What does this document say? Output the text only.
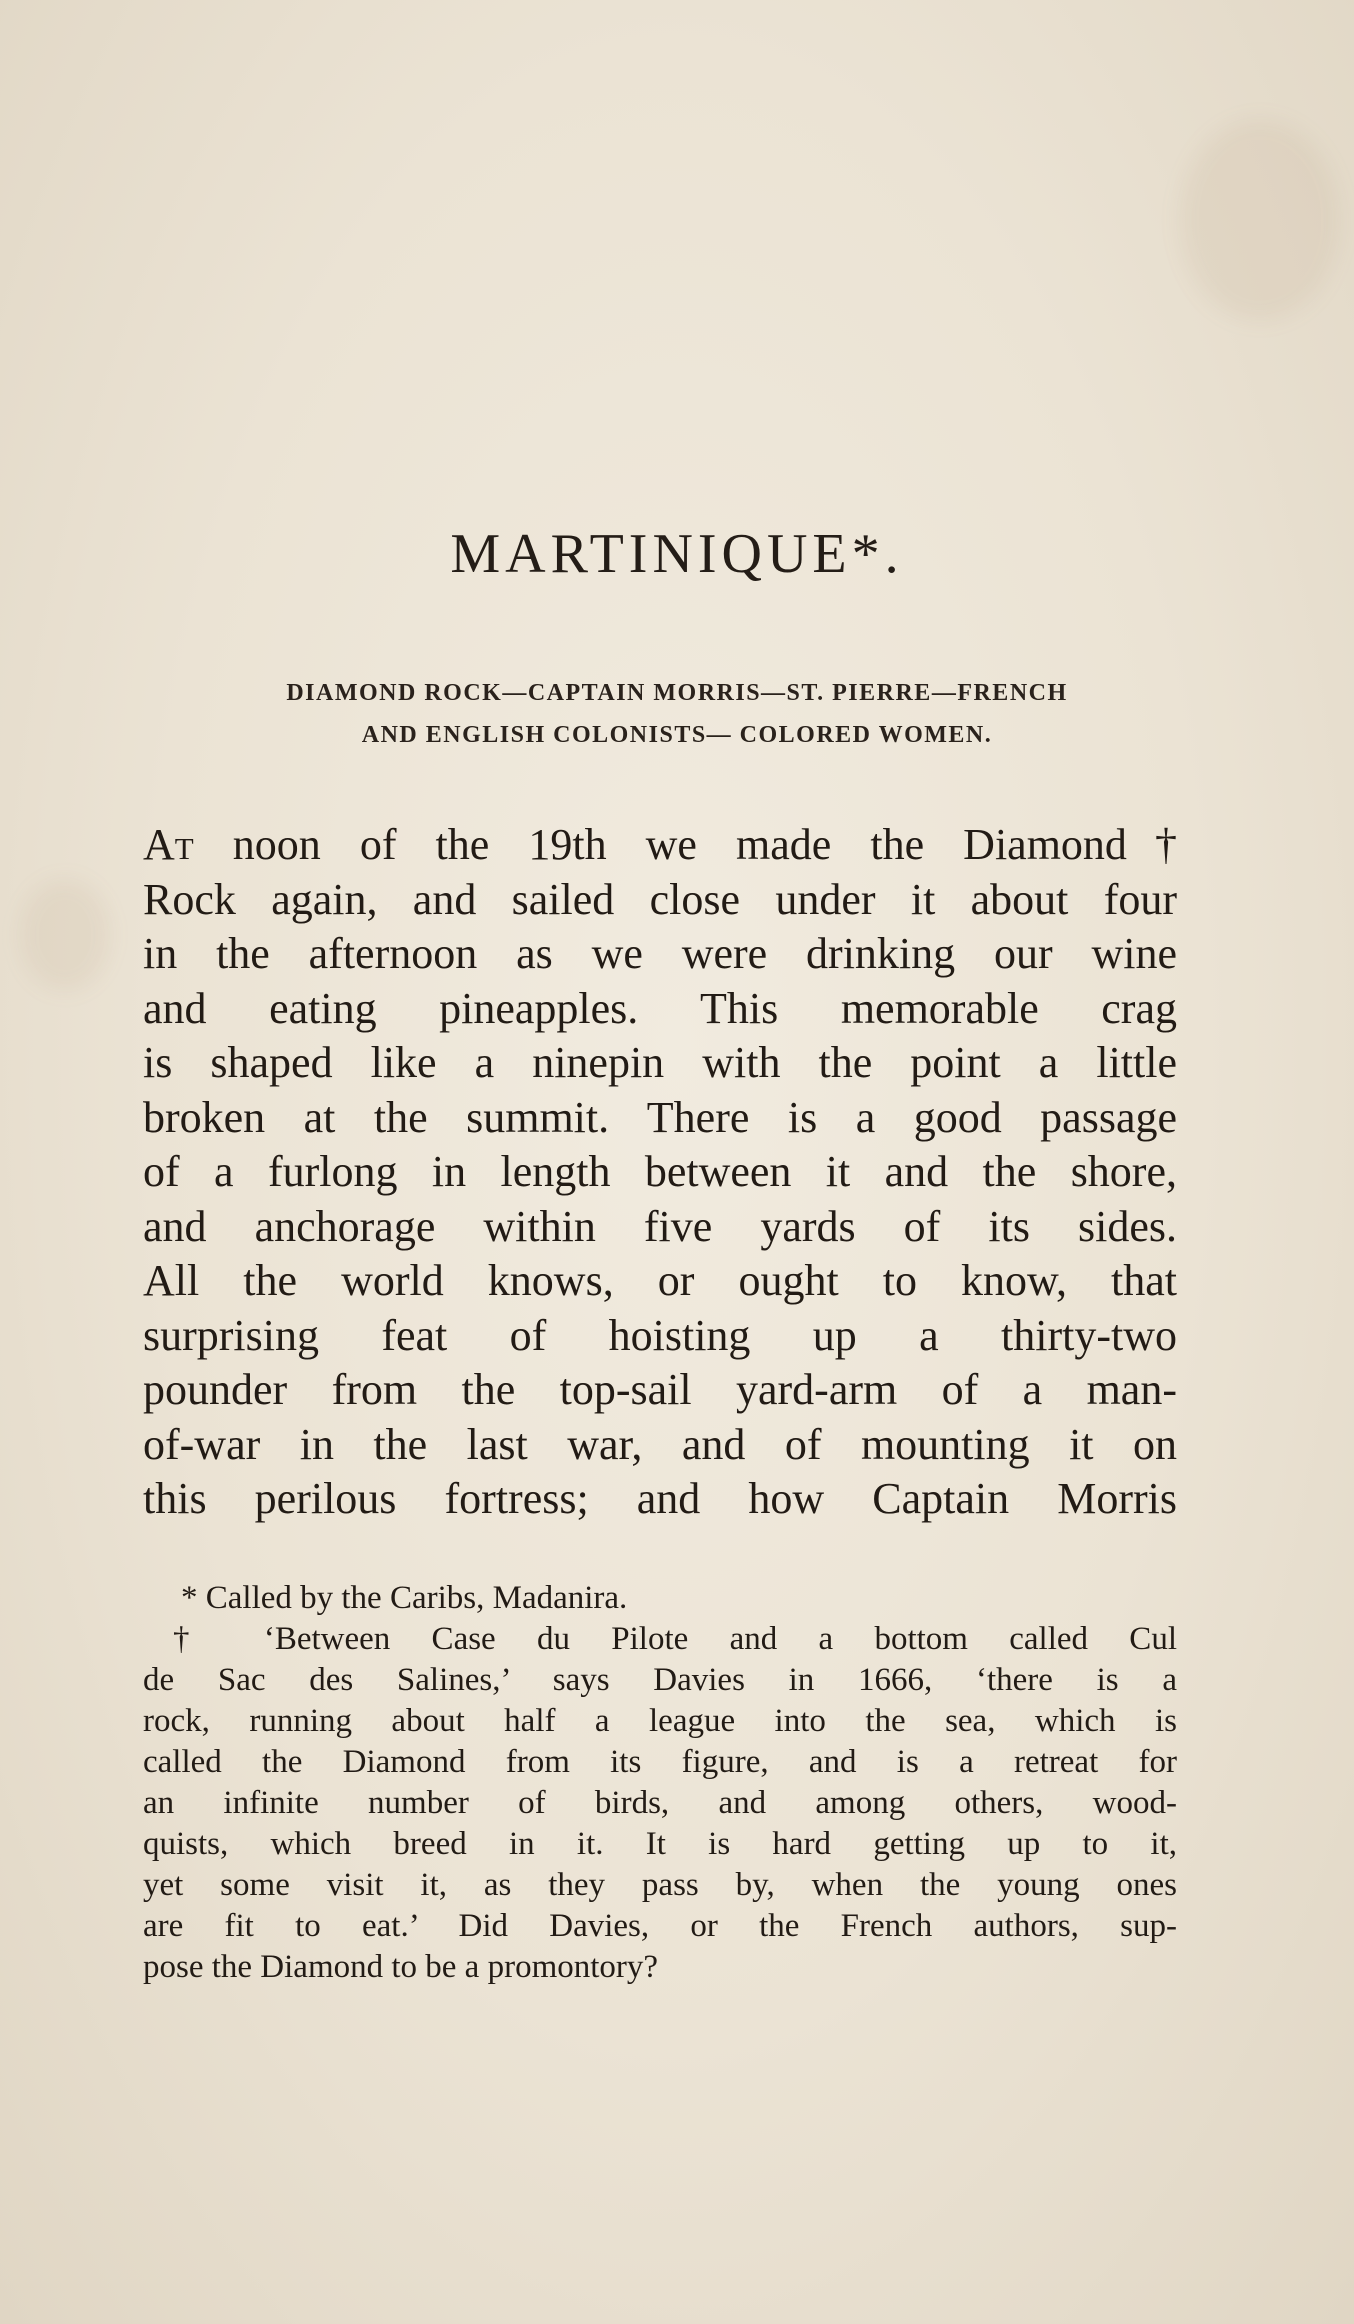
MARTINIQUE*.
DIAMOND ROCK—CAPTAIN MORRIS—ST. PIERRE—FRENCH
AND ENGLISH COLONISTS— COLORED WOMEN.
At noon of the 19th we made the Diamond†
Rock again, and sailed close under it about four
in the afternoon as we were drinking our wine
and eating pineapples. This memorable crag
is shaped like a ninepin with the point a little
broken at the summit. There is a good passage
of a furlong in length between it and the shore,
and anchorage within five yards of its sides.
All the world knows, or ought to know, that
surprising feat of hoisting up a thirty-two
pounder from the top-sail yard-arm of a man-
of-war in the last war, and of mounting it on
this perilous fortress; and how Captain Morris
* Called by the Caribs, Madanira.
† ‘Between Case du Pilote and a bottom called Cul
de Sac des Salines,’ says Davies in 1666, ‘there is a
rock, running about half a league into the sea, which is
called the Diamond from its figure, and is a retreat for
an infinite number of birds, and among others, wood-
quists, which breed in it. It is hard getting up to it,
yet some visit it, as they pass by, when the young ones
are fit to eat.’ Did Davies, or the French authors, sup-
pose the Diamond to be a promontory?
